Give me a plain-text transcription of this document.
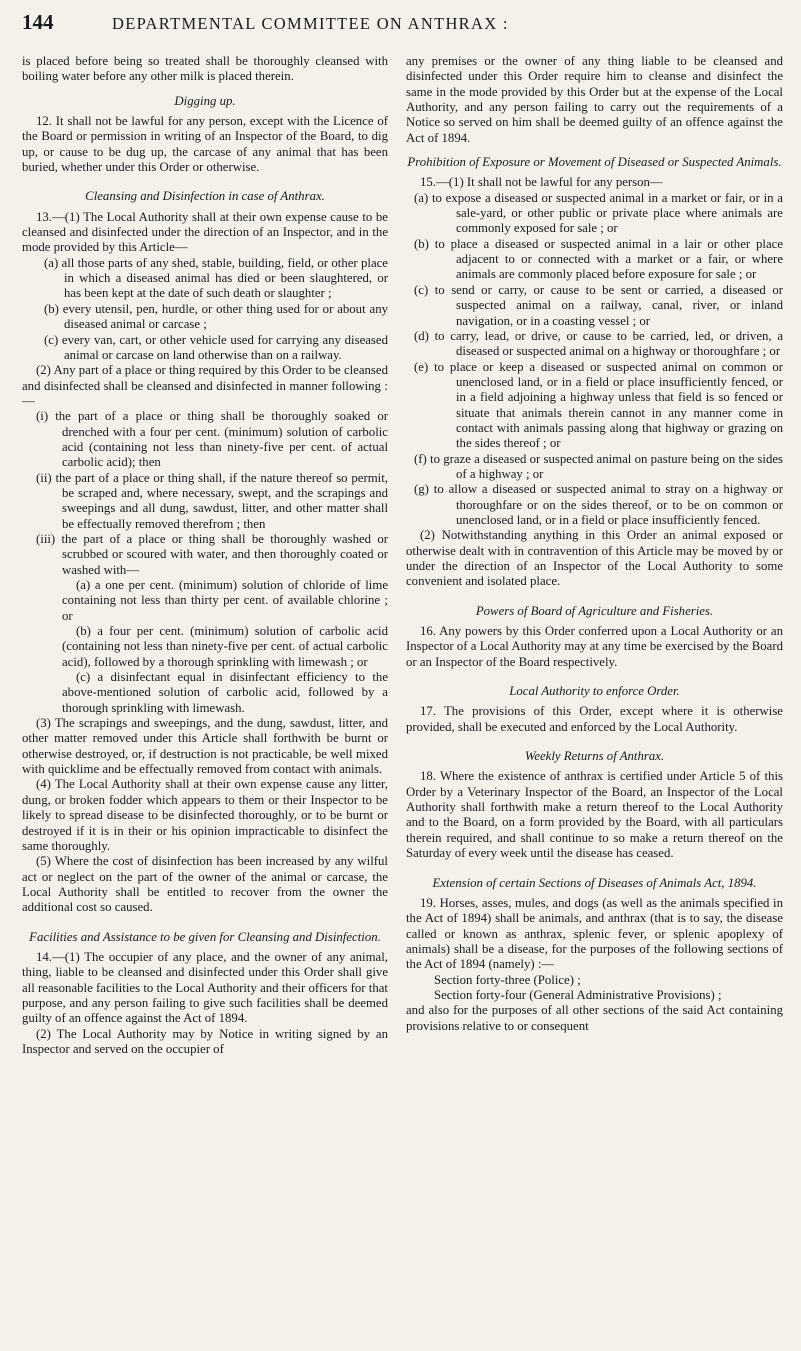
144	DEPARTMENTAL COMMITTEE ON ANTHRAX :

is placed before being so treated shall be thoroughly cleansed with boiling water before any other milk is placed therein.

Digging up.

12. It shall not be lawful for any person, except with the Licence of the Board or permission in writing of an Inspector of the Board, to dig up, or cause to be dug up, the carcase of any animal that has been buried, whether under this Order or otherwise.

Cleansing and Disinfection in case of Anthrax.

13.—(1) The Local Authority shall at their own expense cause to be cleansed and disinfected under the direction of an Inspector, and in the mode provided by this Article—

(a) all those parts of any shed, stable, building, field, or other place in which a diseased animal has died or been slaughtered, or has been kept at the date of such death or slaughter ;

(b) every utensil, pen, hurdle, or other thing used for or about any diseased animal or carcase ;

(c) every van, cart, or other vehicle used for carrying any diseased animal or carcase on land otherwise than on a railway.

(2) Any part of a place or thing required by this Order to be cleansed and disinfected shall be cleansed and disinfected in manner following :—

(i) the part of a place or thing shall be thoroughly soaked or drenched with a four per cent. (minimum) solution of carbolic acid (containing not less than ninety-five per cent. of actual carbolic acid); then

(ii) the part of a place or thing shall, if the nature thereof so permit, be scraped and, where necessary, swept, and the scrapings and sweepings and all dung, sawdust, litter, and other matter shall be effectually removed therefrom ; then

(iii) the part of a place or thing shall be thoroughly washed or scrubbed or scoured with water, and then thoroughly coated or washed with—

(a) a one per cent. (minimum) solution of chloride of lime containing not less than thirty per cent. of available chlorine ; or

(b) a four per cent. (minimum) solution of carbolic acid (containing not less than ninety-five per cent. of actual carbolic acid), followed by a thorough sprinkling with limewash ; or

(c) a disinfectant equal in disinfectant efficiency to the above-mentioned solution of carbolic acid, followed by a thorough sprinkling with limewash.

(3) The scrapings and sweepings, and the dung, sawdust, litter, and other matter removed under this Article shall forthwith be burnt or otherwise destroyed, or, if destruction is not practicable, be well mixed with quicklime and be effectually removed from contact with animals.

(4) The Local Authority shall at their own expense cause any litter, dung, or broken fodder which appears to them or their Inspector to be likely to spread disease to be disinfected thoroughly, or to be burnt or destroyed if it is in their or his opinion impracticable to disinfect the same thoroughly.

(5) Where the cost of disinfection has been increased by any wilful act or neglect on the part of the owner of the animal or carcase, the Local Authority shall be entitled to recover from the owner the additional cost so caused.

Facilities and Assistance to be given for Cleansing and Disinfection.

14.—(1) The occupier of any place, and the owner of any animal, thing, liable to be cleansed and disinfected under this Order shall give all reasonable facilities to the Local Authority and their officers for that purpose, and any person failing to give such facilities shall be deemed guilty of an offence against the Act of 1894.

(2) The Local Authority may by Notice in writing signed by an Inspector and served on the occupier of

any premises or the owner of any thing liable to be cleansed and disinfected under this Order require him to cleanse and disinfect the same in the mode provided by this Order but at the expense of the Local Authority, and any person failing to carry out the requirements of a Notice so served on him shall be deemed guilty of an offence against the Act of 1894.

Prohibition of Exposure or Movement of Diseased or Suspected Animals.

15.—(1) It shall not be lawful for any person—

(a) to expose a diseased or suspected animal in a market or fair, or in a sale-yard, or other public or private place where animals are commonly exposed for sale ; or

(b) to place a diseased or suspected animal in a lair or other place adjacent to or connected with a market or a fair, or where animals are commonly placed before exposure for sale ; or

(c) to send or carry, or cause to be sent or carried, a diseased or suspected animal on a railway, canal, river, or inland navigation, or in a coasting vessel ; or

(d) to carry, lead, or drive, or cause to be carried, led, or driven, a diseased or suspected animal on a highway or thoroughfare ; or

(e) to place or keep a diseased or suspected animal on common or unenclosed land, or in a field or place insufficiently fenced, or in a field adjoining a highway unless that field is so fenced or situate that animals therein cannot in any manner come in contact with animals passing along that highway or grazing on the sides thereof ; or

(f) to graze a diseased or suspected animal on pasture being on the sides of a highway ; or

(g) to allow a diseased or suspected animal to stray on a highway or thoroughfare or on the sides thereof, or to be on common or unenclosed land, or in a field or place insufficiently fenced.

(2) Notwithstanding anything in this Order an animal exposed or otherwise dealt with in contravention of this Article may be moved by or under the direction of an Inspector of the Local Authority to some convenient and isolated place.

Powers of Board of Agriculture and Fisheries.

16. Any powers by this Order conferred upon a Local Authority or an Inspector of a Local Authority may at any time be exercised by the Board or an Inspector of the Board respectively.

Local Authority to enforce Order.

17. The provisions of this Order, except where it is otherwise provided, shall be executed and enforced by the Local Authority.

Weekly Returns of Anthrax.

18. Where the existence of anthrax is certified under Article 5 of this Order by a Veterinary Inspector of the Board, an Inspector of the Local Authority shall forthwith make a return thereof to the Local Authority and to the Board, on a form provided by the Board, with all particulars therein required, and shall continue to so make a return thereof on the Saturday of every week until the disease has ceased.

Extension of certain Sections of Diseases of Animals Act, 1894.

19. Horses, asses, mules, and dogs (as well as the animals specified in the Act of 1894) shall be animals, and anthrax (that is to say, the disease called or known as anthrax, splenic fever, or splenic apoplexy of animals) shall be a disease, for the purposes of the following sections of the Act of 1894 (namely) :—

Section forty-three (Police) ;

Section forty-four (General Administrative Provisions) ;

and also for the purposes of all other sections of the said Act containing provisions relative to or consequent
